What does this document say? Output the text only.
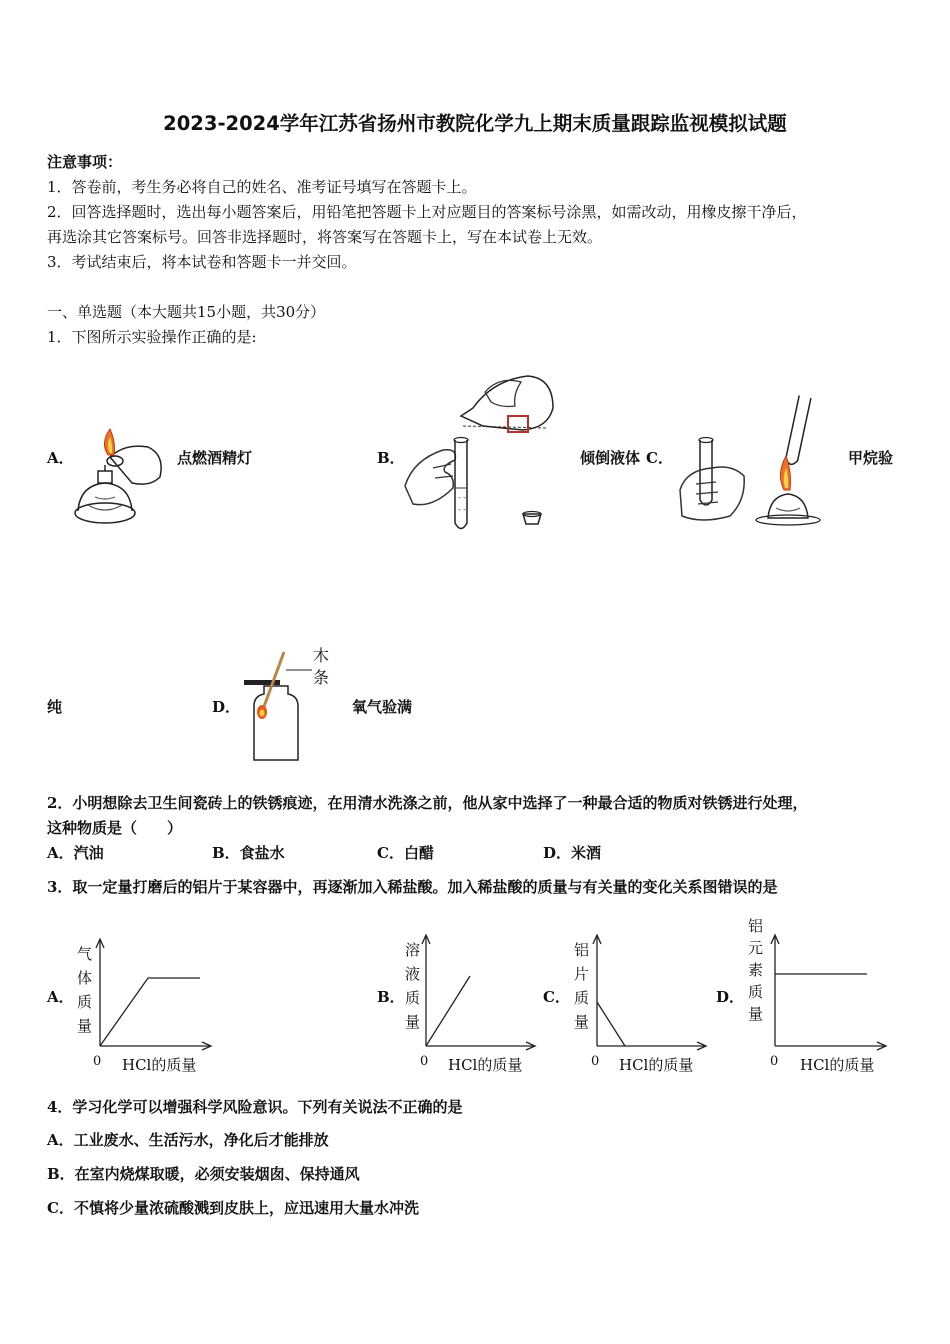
2023-2024学年江苏省扬州市教院化学九上期末质量跟踪监视模拟试题
注意事项：
1．答卷前，考生务必将自己的姓名、准考证号填写在答题卡上。
2．回答选择题时，选出每小题答案后，用铅笔把答题卡上对应题目的答案标号涂黑，如需改动，用橡皮擦干净后，
再选涂其它答案标号。回答非选择题时，将答案写在答题卡上，写在本试卷上无效。
3．考试结束后，将本试卷和答题卡一并交回。
一、单选题（本大题共15小题，共30分）
1．下图所示实验操作正确的是:
A．	点燃酒精灯	B．
- -
- -
倾倒液体 C．	甲烷验
纯	D．
木
条
氧气验满
2．小明想除去卫生间瓷砖上的铁锈痕迹，在用清水洗涤之前，他从家中选择了一种最合适的物质对铁锈进行处理，
这种物质是（　　）
A．汽油	B．食盐水	C．白醋	D．米酒
3．取一定量打磨后的铝片于某容器中，再逐渐加入稀盐酸。加入稀盐酸的质量与有关量的变化关系图错误的是
A．
气
体
质
量
0 HCl的质量
B．
溶
液
质
量
0 HCl的质量
C．
铝
片
质
量
0 HCl的质量
D．
铝
元
素
质
量
0 HCl的质量
4．学习化学可以增强科学风险意识。下列有关说法不正确的是
A．工业废水、生活污水，净化后才能排放
B．在室内烧煤取暖，必须安装烟囱、保持通风
C．不慎将少量浓硫酸溅到皮肤上，应迅速用大量水冲洗
